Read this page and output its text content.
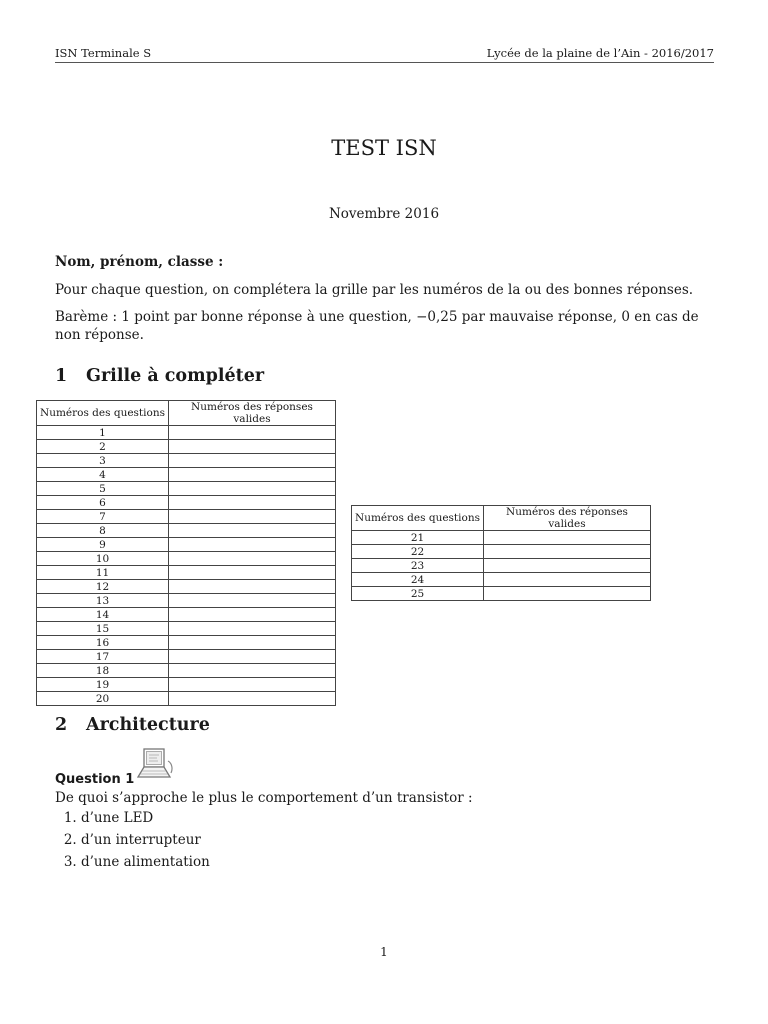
ISN Terminale S	Lycée de la plaine de l’Ain - 2016/2017
TEST ISN
Novembre 2016
Nom, prénom, classe :
Pour chaque question, on complétera la grille par les numéros de la ou des bonnes réponses.
Barème : 1 point par bonne réponse à une question, −0,25 par mauvaise réponse, 0 en cas de non réponse.
1 Grille à compléter
Numéros des questions	Numéros des réponses valides
1	
2	
3	
4	
5	
6	
7	
8	
9	
10	
11	
12	
13	
14	
15	
16	
17	
18	
19	
20	
Numéros des questions	Numéros des réponses valides
21	
22	
23	
24	
25	
2 Architecture
Question 1
De quoi s’approche le plus le comportement d’un transistor :
1. d’une LED
2. d’un interrupteur
3. d’une alimentation
1
